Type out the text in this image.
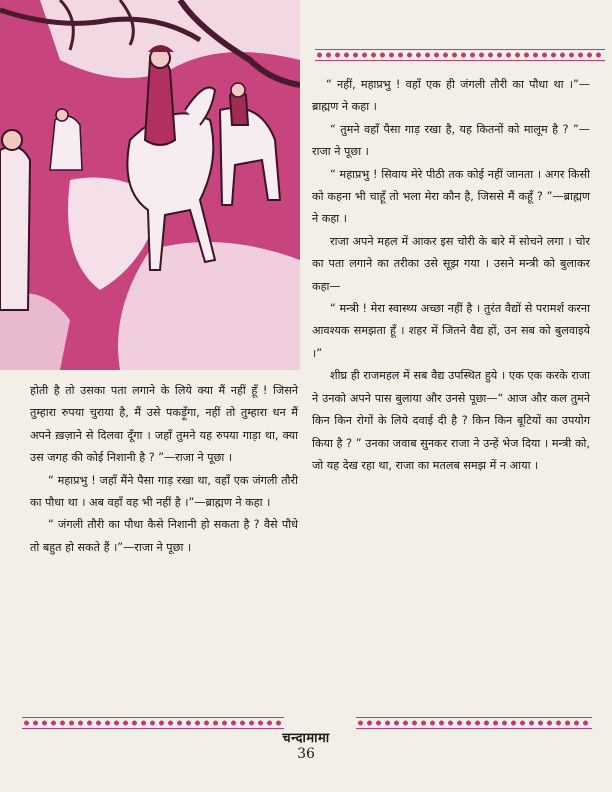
“ नहीं, महाप्रभु ! वहाँ एक ही जंगली तौरी का पौधा था ।”—ब्राह्मण ने कहा ।

“ तुमने वहाँ पैसा गाड़ रखा है, यह कितनों को मालूम है ? ”—राजा ने पूछा ।

“ महाप्रभु ! सिवाय मेरे पीठी तक कोई नहीं जानता । अगर किसी को कहना भी चाहूँ तो भला मेरा कौन है, जिससे मैं कहूँ ? ”—ब्राह्मण ने कहा ।

राजा अपने महल में आकर इस चोरी के बारे में सोचने लगा । चोर का पता लगाने का तरीका उसे सूझ गया । उसने मन्त्री को बुलाकर कहा—

“ मन्त्री ! मेरा स्वास्थ्य अच्छा नहीं है । तुरंत वैद्यों से परामर्श करना आवश्यक समझता हूँ । शहर में जितने वैद्य हों, उन सब को बुलवाइये ।”

शीघ्र ही राजमहल में सब वैद्य उपस्थित हुये । एक एक करके राजा ने उनको अपने पास बुलाया और उनसे पूछा—“ आज और कल तुमने किन किन रोगों के लिये दवाई दी है ? किन किन बूटियों का उपयोग किया है ? ” उनका जवाब सुनकर राजा ने उन्हें भेज दिया । मन्त्री को, जो यह देख रहा था, राजा का मतलब समझ में न आया ।

होती है तो उसका पता लगाने के लिये क्या मैं नहीं हूँ ! जिसने तुम्हारा रुपया चुराया है, मैं उसे पकड़ूँगा, नहीं तो तुम्हारा धन मैं अपने ख़ज़ाने से दिलवा दूँगा । जहाँ तुमने यह रुपया गाड़ा था, क्या उस जगह की कोई निशानी है ? ”—राजा ने पूछा ।

“ महाप्रभु ! जहाँ मैंने पैसा गाड़ रखा था, वहाँ एक जंगली तौरी का पौधा था । अब वहाँ वह भी नहीं है ।”—ब्राह्मण ने कहा ।

“ जंगली तौरी का पौधा कैसे निशानी हो सकता है ? वैसे पौधे तो बहुत हो सकते हैं ।”—राजा ने पूछा ।

चन्दामामा
36
